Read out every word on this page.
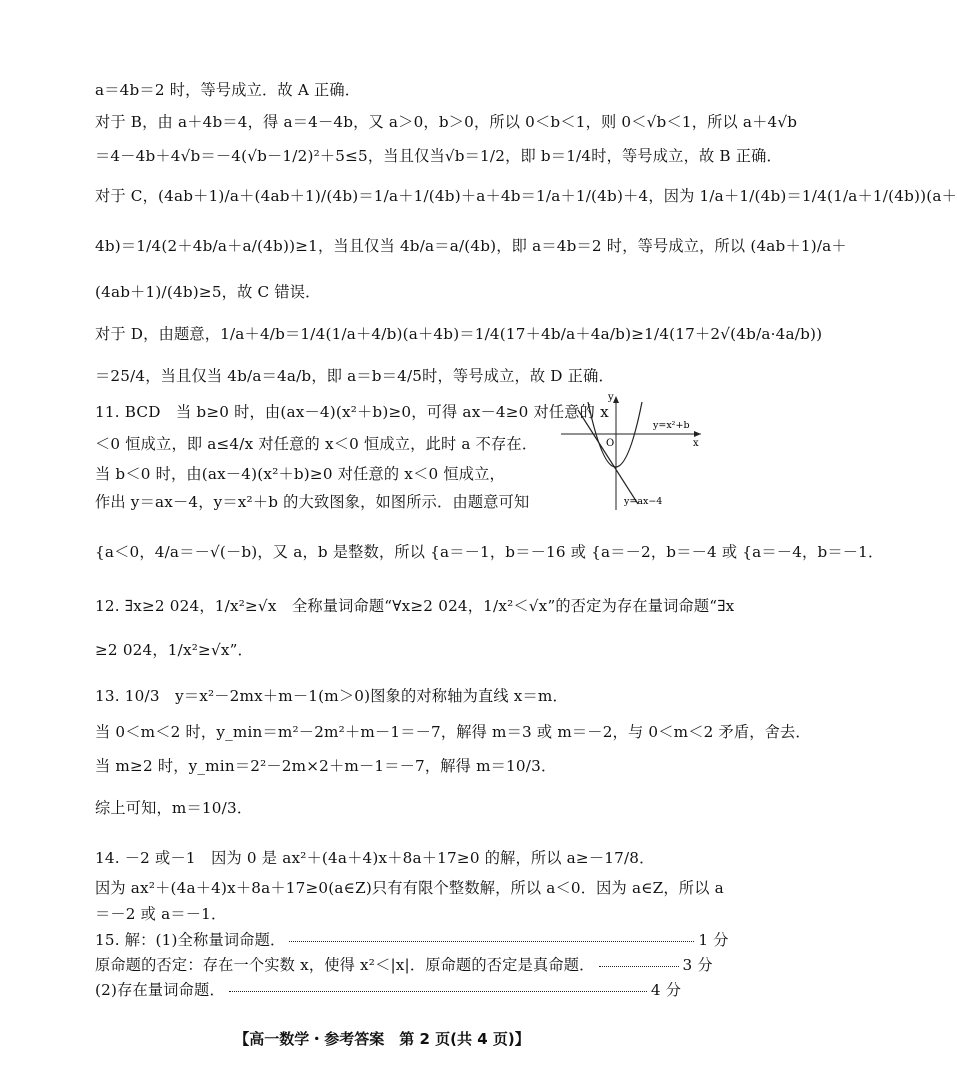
a＝4b＝2 时，等号成立．故 A 正确．
对于 B，由 a＋4b＝4，得 a＝4－4b，又 a＞0，b＞0，所以 0＜b＜1，则 0＜√b＜1，所以 a＋4√b
＝4－4b＋4√b＝－4(√b－1/2)²＋5≤5，当且仅当√b＝1/2，即 b＝1/4时，等号成立，故 B 正确．
对于 C，(4ab＋1)/a＋(4ab＋1)/(4b)＝1/a＋1/(4b)＋a＋4b＝1/a＋1/(4b)＋4，因为 1/a＋1/(4b)＝1/4(1/a＋1/(4b))(a＋
4b)＝1/4(2＋4b/a＋a/(4b))≥1，当且仅当 4b/a＝a/(4b)，即 a＝4b＝2 时，等号成立，所以 (4ab＋1)/a＋
(4ab＋1)/(4b)≥5，故 C 错误．
对于 D，由题意，1/a＋4/b＝1/4(1/a＋4/b)(a＋4b)＝1/4(17＋4b/a＋4a/b)≥1/4(17＋2√(4b/a·4a/b))
＝25/4，当且仅当 4b/a＝4a/b，即 a＝b＝4/5时，等号成立，故 D 正确．
11. BCD　当 b≥0 时，由(ax－4)(x²＋b)≥0，可得 ax－4≥0 对任意的 x
＜0 恒成立，即 a≤4/x 对任意的 x＜0 恒成立，此时 a 不存在．
当 b＜0 时，由(ax－4)(x²＋b)≥0 对任意的 x＜0 恒成立，
作出 y＝ax－4，y＝x²＋b 的大致图象，如图所示．由题意可知
{a＜0，4/a＝－√(－b)，又 a，b 是整数，所以 {a＝－1，b＝－16 或 {a＝－2，b＝－4 或 {a＝－4，b＝－1．
12. ∃x≥2 024，1/x²≥√x　全称量词命题“∀x≥2 024，1/x²＜√x”的否定为存在量词命题“∃x
≥2 024，1/x²≥√x”．
13. 10/3　y＝x²－2mx＋m－1(m＞0)图象的对称轴为直线 x＝m．
当 0＜m＜2 时，y_min＝m²－2m²＋m－1＝－7，解得 m＝3 或 m＝－2，与 0＜m＜2 矛盾，舍去．
当 m≥2 时，y_min＝2²－2m×2＋m－1＝－7，解得 m＝10/3．
综上可知，m＝10/3．
14. －2 或－1　因为 0 是 ax²＋(4a＋4)x＋8a＋17≥0 的解，所以 a≥－17/8．
因为 ax²＋(4a＋4)x＋8a＋17≥0(a∈Z)只有有限个整数解，所以 a＜0．因为 a∈Z，所以 a
＝－2 或 a＝－1．
15. 解：(1)全称量词命题．	1 分
原命题的否定：存在一个实数 x，使得 x²＜|x|．原命题的否定是真命题．	3 分
(2)存在量词命题．	4 分
y
x
O
y=x²+b
y=ax−4
【高一数学・参考答案　第 2 页(共 4 页)】
